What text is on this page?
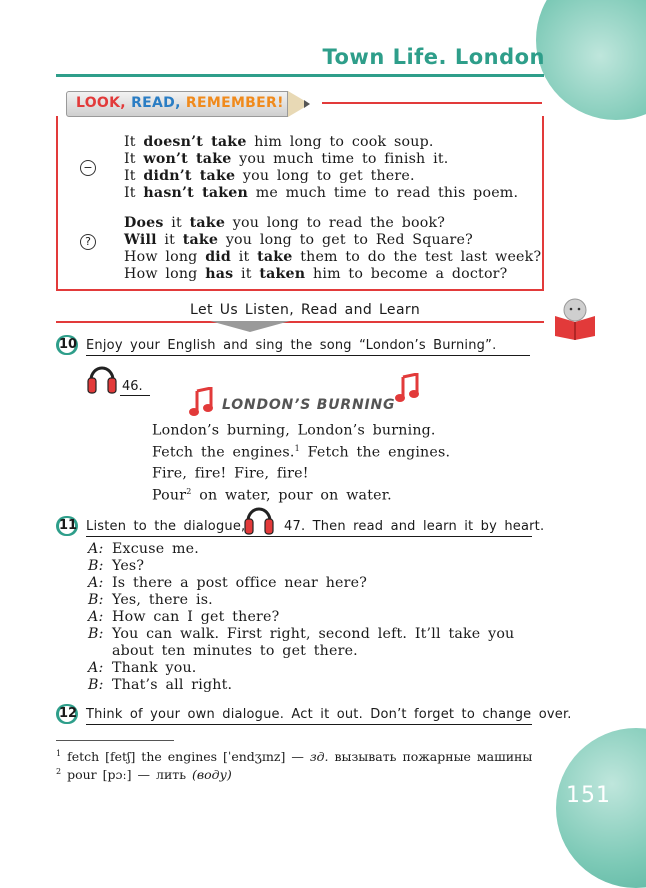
151
Town Life. London
LOOK, READ, REMEMBER!
−
It doesn’t take him long to cook soup.
It won’t take you much time to finish it.
It didn’t take you long to get there.
It hasn’t taken me much time to read this poem.
?
Does it take you long to read the book?
Will it take you long to get to Red Square?
How long did it take them to do the test last week?
How long has it taken him to become a doctor?
Let Us Listen, Read and Learn
10 Enjoy your English and sing the song “London’s Burning”.
46.
LONDON’S BURNING
London’s burning, London’s burning.
Fetch the engines.$^1$ Fetch the engines.
Fire, fire! Fire, fire!
Pour$^2$ on water, pour on water.
11 Listen to the dialogue,	47. Then read and learn it by heart.
A: Excuse me.
B: Yes?
A: Is there a post office near here?
B: Yes, there is.
A: How can I get there?
B: You can walk. First right, second left. It’ll take you
about ten minutes to get there.
A: Thank you.
B: That’s all right.
12 Think of your own dialogue. Act it out. Don’t forget to change over.
$^1$ fetch [fetʃ] the engines [ˈendʒɪnz] — зд. вызывать пожарные машины
$^2$ pour [pɔː] — лить (воду)
